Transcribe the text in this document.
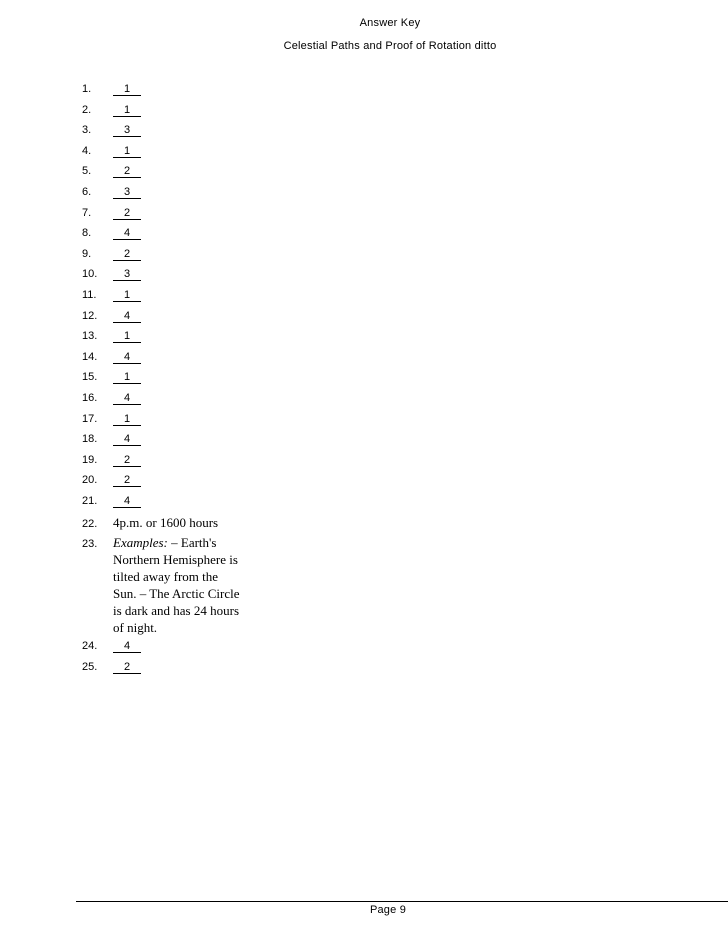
Answer Key
Celestial Paths and Proof of Rotation ditto
1.	1
2.	1
3.	3
4.	1
5.	2
6.	3
7.	2
8.	4
9.	2
10.	3
11.	1
12.	4
13.	1
14.	4
15.	1
16.	4
17.	1
18.	4
19.	2
20.	2
21.	4
22. 4p.m. or 1600 hours
23. Examples: – Earth's Northern Hemisphere is tilted away from the Sun. – The Arctic Circle is dark and has 24 hours of night.
24.	4
25.	2
Page 9
